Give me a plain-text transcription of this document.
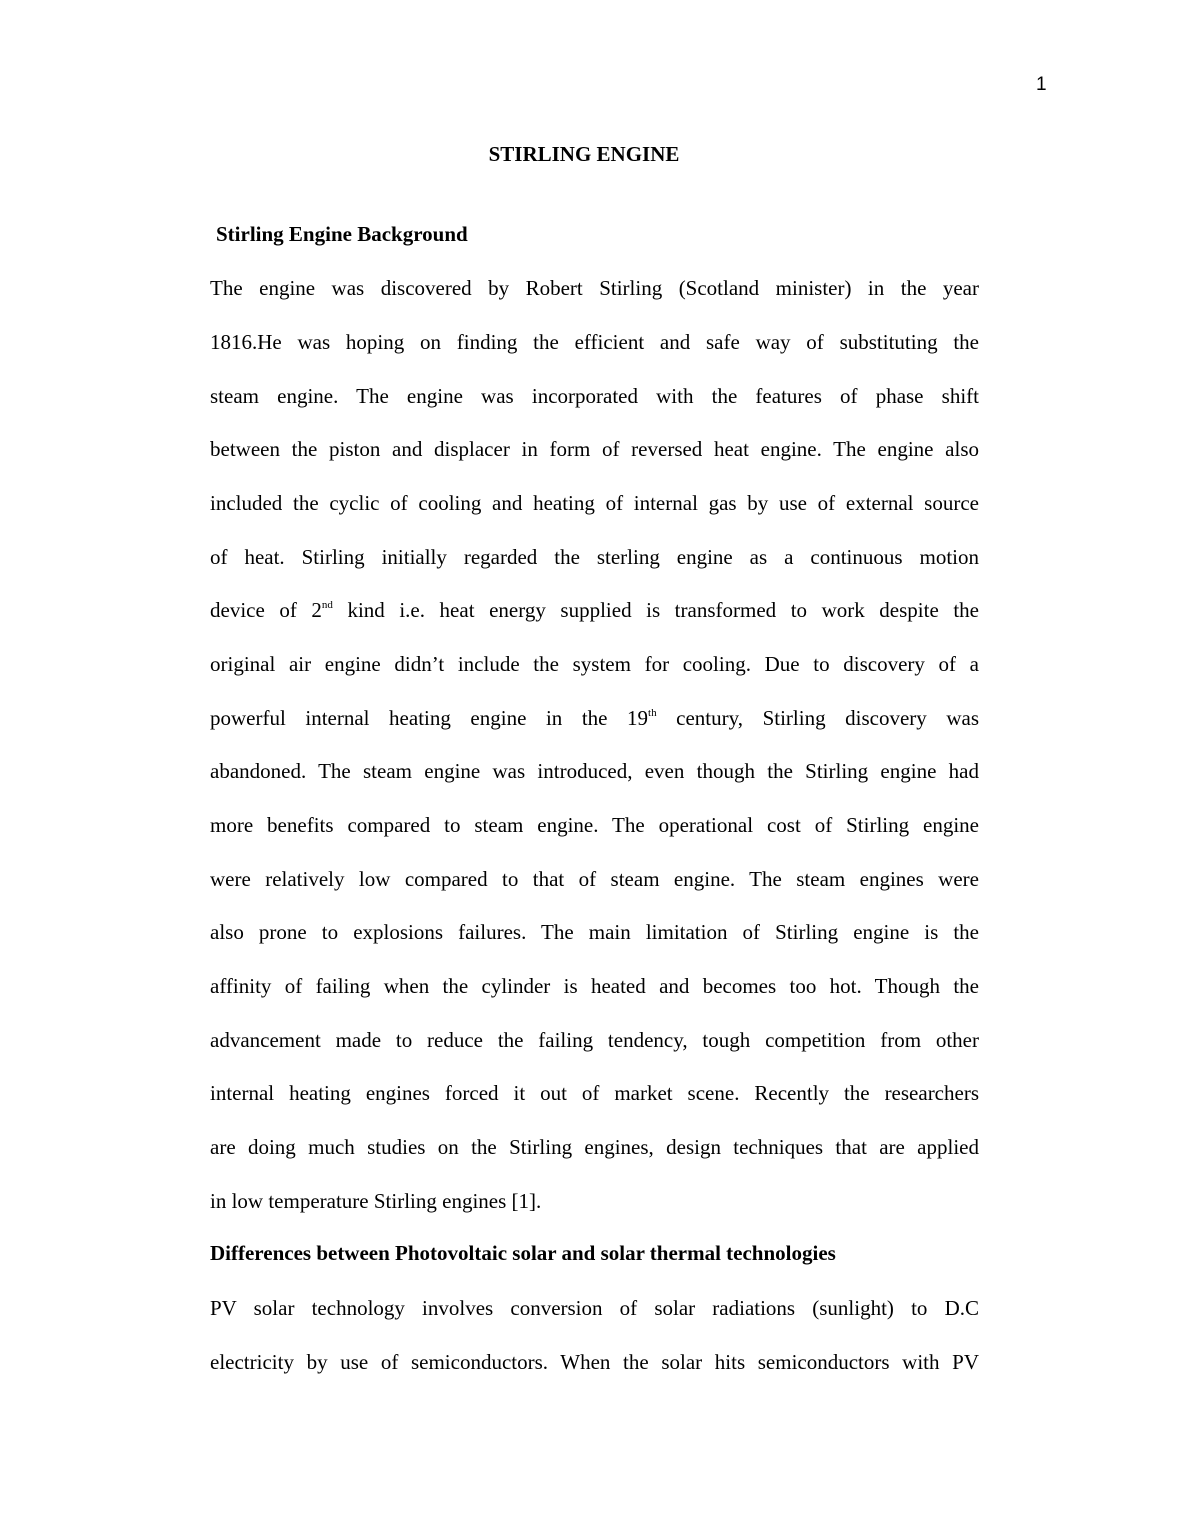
1
STIRLING ENGINE
Stirling Engine Background
The engine was discovered by Robert Stirling (Scotland minister) in the year
1816.He was hoping on finding the efficient and safe way of substituting the
steam engine. The engine was incorporated with the features of phase shift
between the piston and displacer in form of reversed heat engine. The engine also
included the cyclic of cooling and heating of internal gas by use of external source
of heat. Stirling initially regarded the sterling engine as a continuous motion
device of 2nd kind i.e. heat energy supplied is transformed to work despite the
original air engine didn’t include the system for cooling. Due to discovery of a
powerful internal heating engine in the 19th century, Stirling discovery was
abandoned. The steam engine was introduced, even though the Stirling engine had
more benefits compared to steam engine. The operational cost of Stirling engine
were relatively low compared to that of steam engine. The steam engines were
also prone to explosions failures. The main limitation of Stirling engine is the
affinity of failing when the cylinder is heated and becomes too hot. Though the
advancement made to reduce the failing tendency, tough competition from other
internal heating engines forced it out of market scene. Recently the researchers
are doing much studies on the Stirling engines, design techniques that are applied
in low temperature Stirling engines [1].
Differences between Photovoltaic solar and solar thermal technologies
PV solar technology involves conversion of solar radiations (sunlight) to D.C
electricity by use of semiconductors. When the solar hits semiconductors with PV
